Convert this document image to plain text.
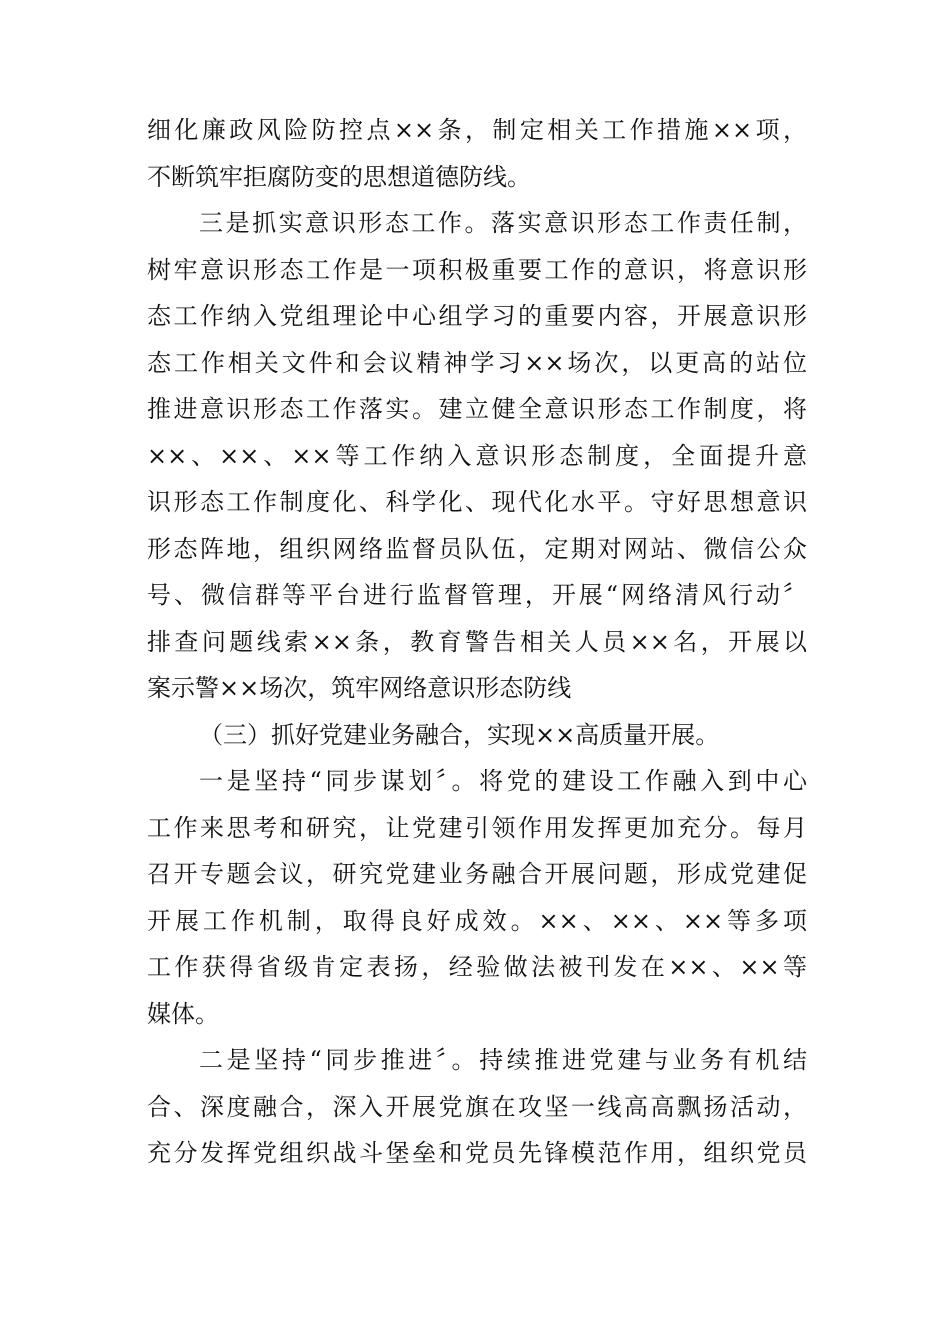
细化廉政风险防控点××条，制定相关工作措施××项，
不断筑牢拒腐防变的思想道德防线。
三是抓实意识形态工作。落实意识形态工作责任制，
树牢意识形态工作是一项积极重要工作的意识，将意识形
态工作纳入党组理论中心组学习的重要内容，开展意识形
态工作相关文件和会议精神学习××场次，以更高的站位
推进意识形态工作落实。建立健全意识形态工作制度，将
××、××、××等工作纳入意识形态制度，全面提升意
识形态工作制度化、科学化、现代化水平。守好思想意识
形态阵地，组织网络监督员队伍，定期对网站、微信公众
号、微信群等平台进行监督管理，开展“网络清风行动〞
排查问题线索××条，教育警告相关人员××名，开展以
案示警××场次，筑牢网络意识形态防线
（三）抓好党建业务融合，实现××高质量开展。
一是坚持“同步谋划〞。将党的建设工作融入到中心
工作来思考和研究，让党建引领作用发挥更加充分。每月
召开专题会议，研究党建业务融合开展问题，形成党建促
开展工作机制，取得良好成效。××、××、××等多项
工作获得省级肯定表扬，经验做法被刊发在××、××等
媒体。
二是坚持“同步推进〞。持续推进党建与业务有机结
合、深度融合，深入开展党旗在攻坚一线高高飘扬活动，
充分发挥党组织战斗堡垒和党员先锋模范作用，组织党员
